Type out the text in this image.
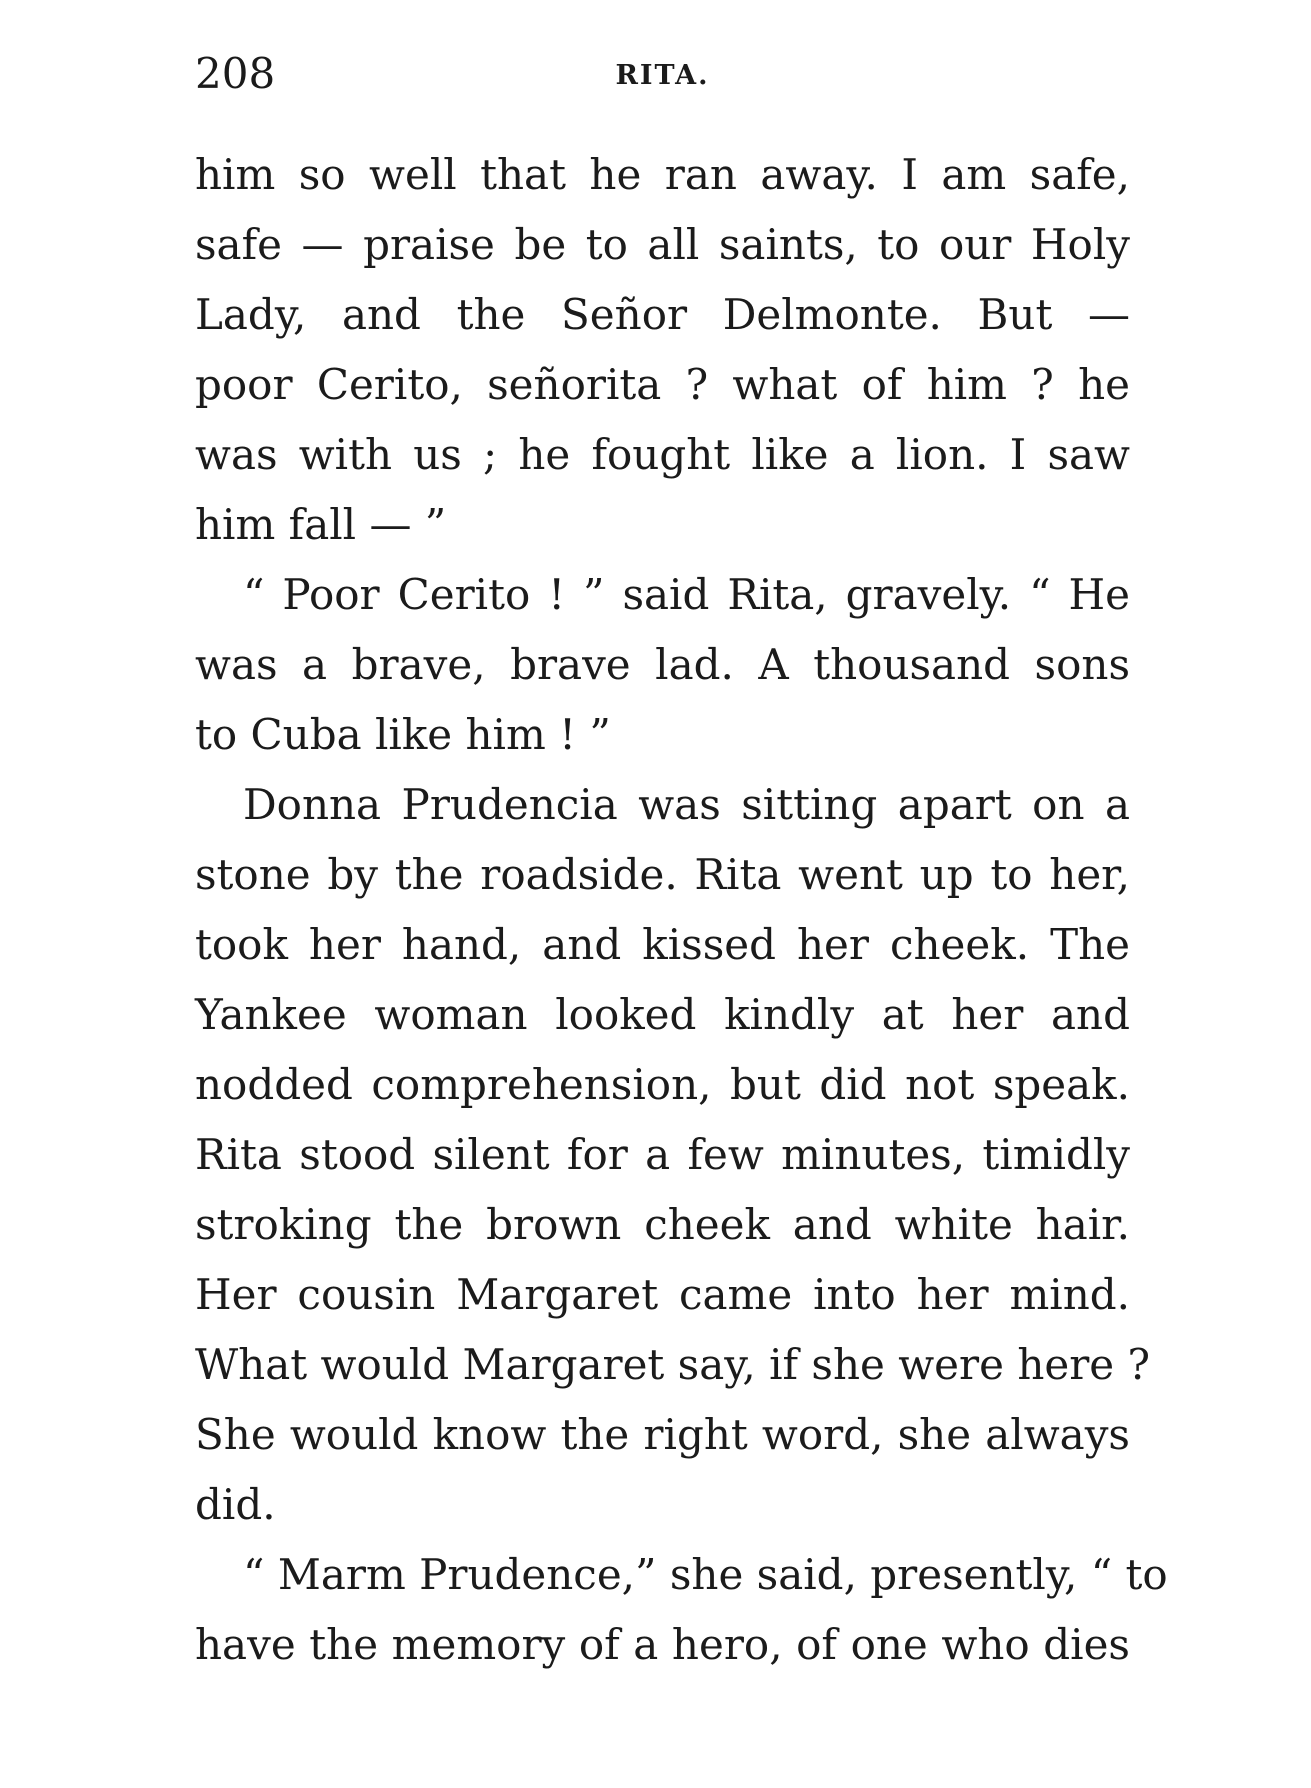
208	RITA.
him so well that he ran away. I am safe,
safe — praise be to all saints, to our Holy
Lady, and the Señor Delmonte. But —
poor Cerito, señorita ? what of him ? he
was with us ; he fought like a lion. I saw
him fall — ”
“ Poor Cerito ! ” said Rita, gravely. “ He
was a brave, brave lad. A thousand sons
to Cuba like him ! ”
Donna Prudencia was sitting apart on a
stone by the roadside. Rita went up to her,
took her hand, and kissed her cheek. The
Yankee woman looked kindly at her and
nodded comprehension, but did not speak.
Rita stood silent for a few minutes, timidly
stroking the brown cheek and white hair.
Her cousin Margaret came into her mind.
What would Margaret say, if she were here ?
She would know the right word, she always
did.
“ Marm Prudence,” she said, presently, “ to
have the memory of a hero, of one who dies
